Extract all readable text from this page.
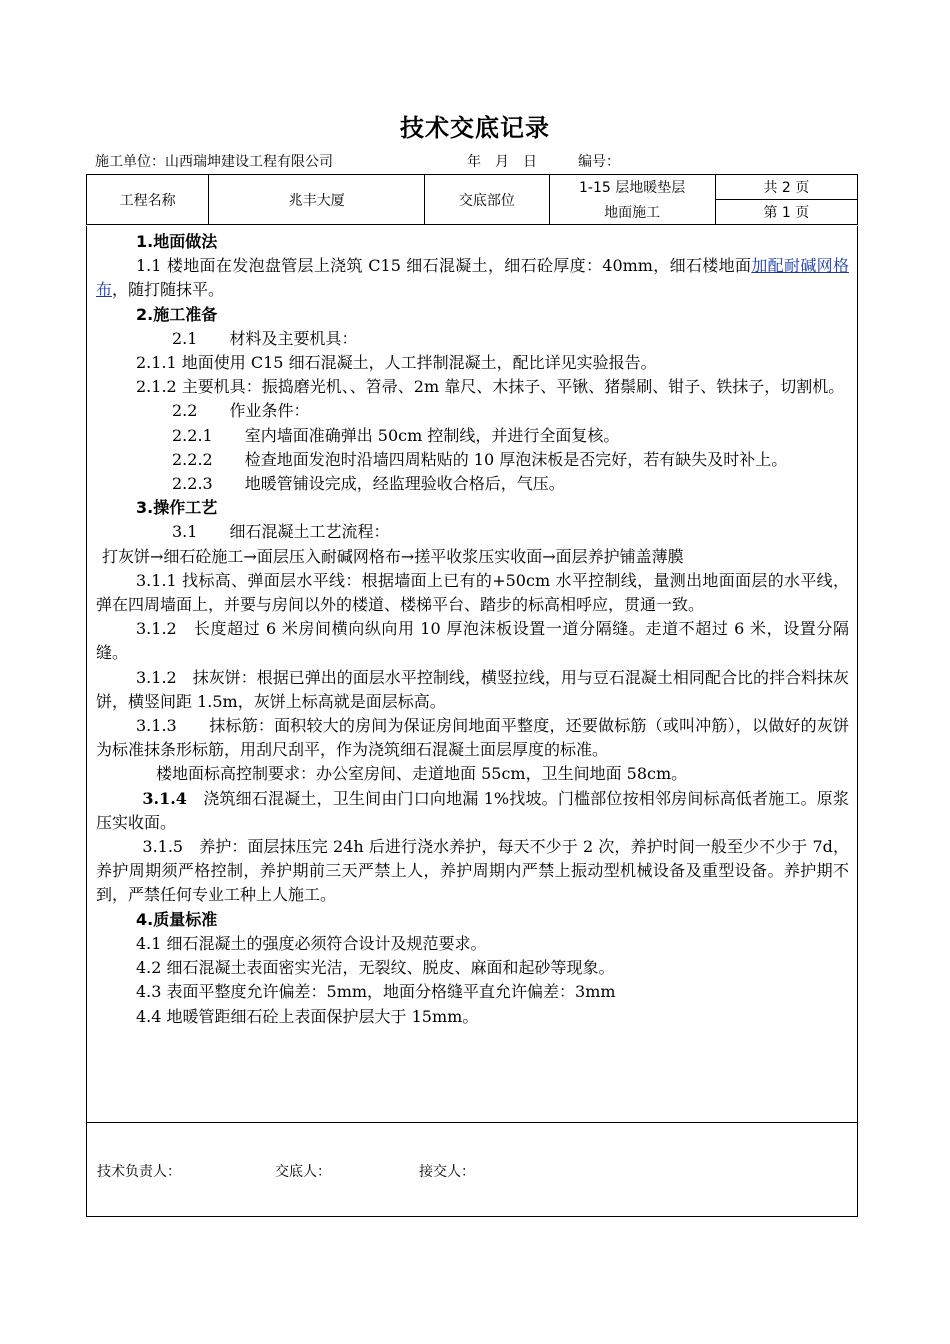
技术交底记录
施工单位：山西瑞坤建设工程有限公司	年　月　日	编号：
工程名称	兆丰大厦	交底部位	1-15 层地暖垫层	共 2 页
			地面施工	第 1 页

1.地面做法

1.1 楼地面在发泡盘管层上浇筑 C15 细石混凝土，细石砼厚度：40mm，细石楼地面加配耐碱网格布，随打随抹平。

2.施工准备

2.1　　材料及主要机具：

2.1.1 地面使用 C15 细石混凝土，人工拌制混凝土，配比详见实验报告。

2.1.2 主要机具：振捣磨光机、、笤帚、2m 靠尺、木抹子、平锹、猪鬃刷、钳子、铁抹子，切割机。

2.2　　作业条件：

2.2.1　　室内墙面准确弹出 50cm 控制线，并进行全面复核。

2.2.2　　检查地面发泡时沿墙四周粘贴的 10 厚泡沫板是否完好，若有缺失及时补上。

2.2.3　　地暖管铺设完成，经监理验收合格后，气压。

3.操作工艺

3.1　　细石混凝土工艺流程：

打灰饼→细石砼施工→面层压入耐碱网格布→搓平收浆压实收面→面层养护铺盖薄膜

3.1.1 找标高、弹面层水平线：根据墙面上已有的+50cm 水平控制线，量测出地面面层的水平线，弹在四周墙面上，并要与房间以外的楼道、楼梯平台、踏步的标高相呼应，贯通一致。

3.1.2　长度超过 6 米房间横向纵向用 10 厚泡沫板设置一道分隔缝。走道不超过 6 米，设置分隔缝。

3.1.2　抹灰饼：根据已弹出的面层水平控制线，横竖拉线，用与豆石混凝土相同配合比的拌合料抹灰饼，横竖间距 1.5m，灰饼上标高就是面层标高。

3.1.3　　抹标筋：面积较大的房间为保证房间地面平整度，还要做标筋（或叫冲筋），以做好的灰饼为标准抹条形标筋，用刮尺刮平，作为浇筑细石混凝土面层厚度的标准。

楼地面标高控制要求：办公室房间、走道地面 55cm，卫生间地面 58cm。

3.1.4　浇筑细石混凝土，卫生间由门口向地漏 1%找坡。门槛部位按相邻房间标高低者施工。原浆压实收面。

3.1.5　养护：面层抹压完 24h 后进行浇水养护，每天不少于 2 次，养护时间一般至少不少于 7d，养护周期须严格控制，养护期前三天严禁上人，养护周期内严禁上振动型机械设备及重型设备。养护期不到，严禁任何专业工种上人施工。

4.质量标准

4.1 细石混凝土的强度必须符合设计及规范要求。

4.2 细石混凝土表面密实光洁，无裂纹、脱皮、麻面和起砂等现象。

4.3 表面平整度允许偏差：5mm，地面分格缝平直允许偏差：3mm

4.4 地暖管距细石砼上表面保护层大于 15mm。

技术负责人：	交底人：	接交人：
